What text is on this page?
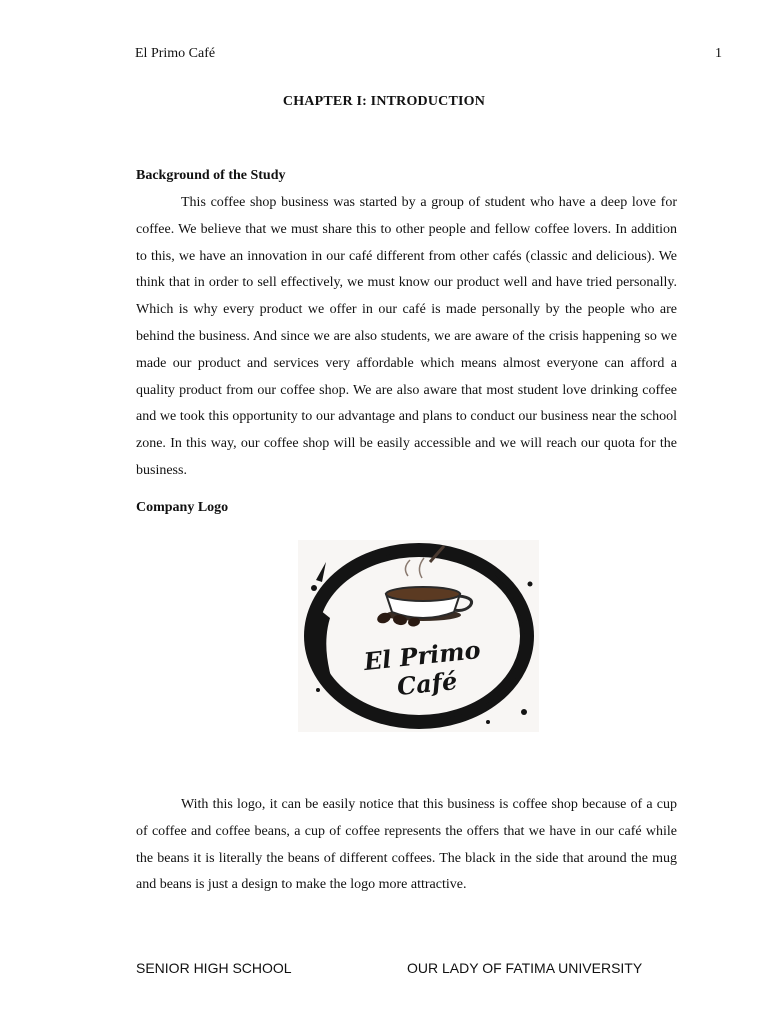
El Primo Café	1
CHAPTER I: INTRODUCTION
Background of the Study
This coffee shop business was started by a group of student who have a deep love for coffee. We believe that we must share this to other people and fellow coffee lovers. In addition to this, we have an innovation in our café different from other cafés (classic and delicious). We think that in order to sell effectively, we must know our product well and have tried personally. Which is why every product we offer in our café is made personally by the people who are behind the business. And since we are also students, we are aware of the crisis happening so we made our product and services very affordable which means almost everyone can afford a quality product from our coffee shop. We are also aware that most student love drinking coffee and we took this opportunity to our advantage and plans to conduct our business near the school zone. In this way, our coffee shop will be easily accessible and we will reach our quota for the business.
Company Logo
El Primo
Café
With this logo, it can be easily notice that this business is coffee shop because of a cup of coffee and coffee beans, a cup of coffee represents the offers that we have in our café while the beans it is literally the beans of different coffees. The black in the side that around the mug and beans is just a design to make the logo more attractive.
SENIOR HIGH SCHOOL	OUR LADY OF FATIMA UNIVERSITY
